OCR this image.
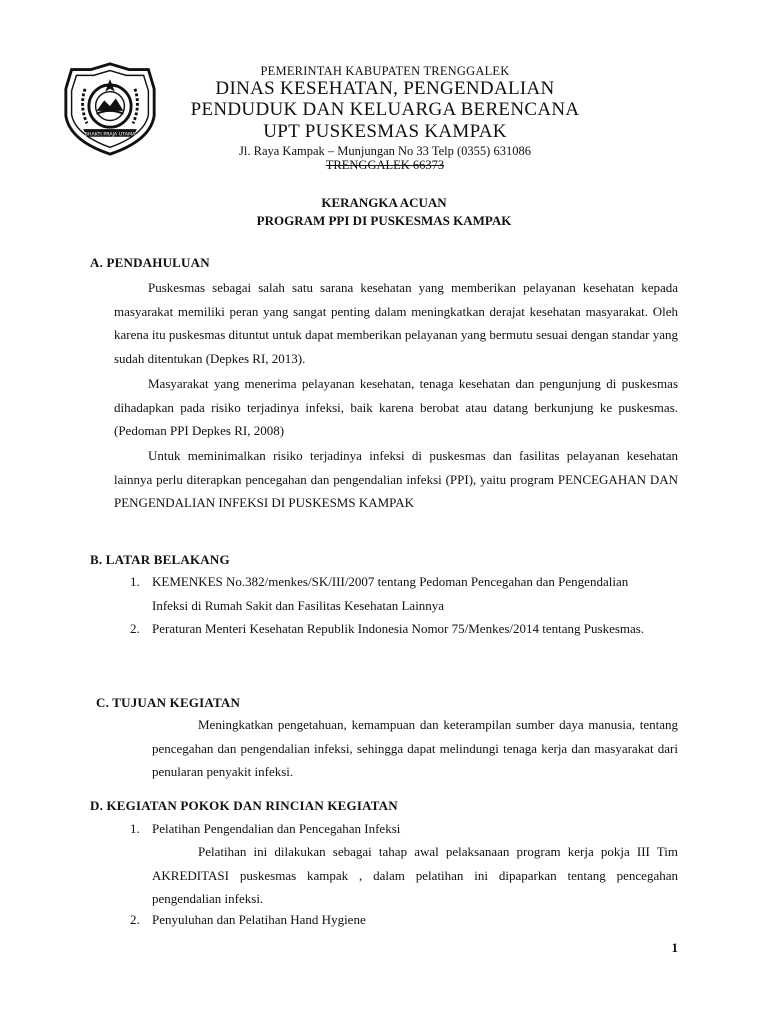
BHAKTI PRAJA UTAMA
PEMERINTAH KABUPATEN TRENGGALEK
DINAS KESEHATAN, PENGENDALIAN
PENDUDUK DAN KELUARGA BERENCANA
UPT PUSKESMAS KAMPAK
Jl. Raya Kampak – Munjungan No 33 Telp (0355) 631086
TRENGGALEK 66373
KERANGKA ACUAN
PROGRAM PPI DI PUSKESMAS KAMPAK
A. PENDAHULUAN
Puskesmas sebagai salah satu sarana kesehatan yang memberikan pelayanan kesehatan kepada masyarakat memiliki peran yang sangat penting dalam meningkatkan derajat kesehatan masyarakat. Oleh karena itu puskesmas dituntut untuk dapat memberikan pelayanan yang bermutu sesuai dengan standar yang sudah ditentukan (Depkes RI, 2013).
Masyarakat yang menerima pelayanan kesehatan, tenaga kesehatan dan pengunjung di puskesmas dihadapkan pada risiko terjadinya infeksi, baik karena berobat atau datang berkunjung ke puskesmas. (Pedoman PPI Depkes RI, 2008)
Untuk meminimalkan risiko terjadinya infeksi di puskesmas dan fasilitas pelayanan kesehatan lainnya perlu diterapkan pencegahan dan pengendalian infeksi (PPI), yaitu program PENCEGAHAN DAN PENGENDALIAN INFEKSI DI PUSKESMS KAMPAK
B. LATAR BELAKANG
1. KEMENKES No.382/menkes/SK/III/2007 tentang Pedoman Pencegahan dan Pengendalian Infeksi di Rumah Sakit dan Fasilitas Kesehatan Lainnya
2. Peraturan Menteri Kesehatan Republik Indonesia Nomor 75/Menkes/2014 tentang Puskesmas.
C. TUJUAN KEGIATAN
Meningkatkan pengetahuan, kemampuan dan keterampilan sumber daya manusia, tentang pencegahan dan pengendalian infeksi, sehingga dapat melindungi tenaga kerja dan masyarakat dari penularan penyakit infeksi.
D. KEGIATAN POKOK DAN RINCIAN KEGIATAN
1. Pelatihan Pengendalian dan Pencegahan Infeksi
Pelatihan ini dilakukan sebagai tahap awal pelaksanaan program kerja pokja III Tim AKREDITASI puskesmas kampak , dalam pelatihan ini dipaparkan tentang pencegahan pengendalian infeksi.
2. Penyuluhan dan Pelatihan Hand Hygiene
1
